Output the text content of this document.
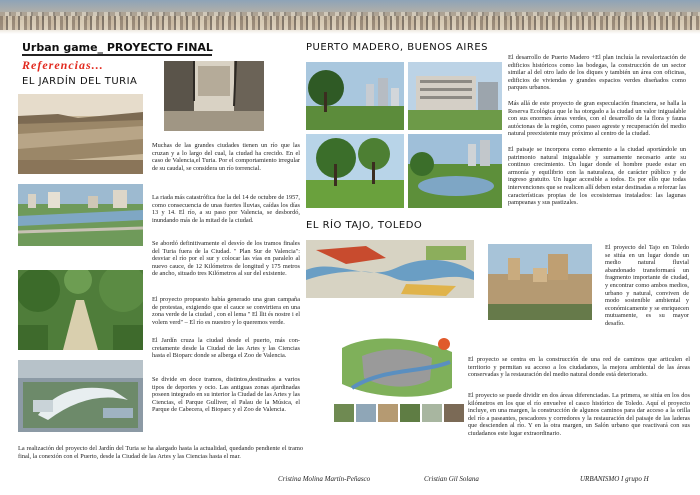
Urban game_ PROYECTO FINAL
Referencias...
EL JARDÍN DEL TURIA
Muchas de las grandes ciudades tienen un río que las cruzan y a lo largo del cual, la ciudad ha crecido. En el caso de Valencia,el Turia. Por el comportamiento irregular de su caudal, se considera un río torrencial.
La riada más catastrófica fue la del 14 de octubre de 1957, como consecuencia de unas fuertes lluvias, caídas los días 13 y 14. El río, a su paso por Valencia, se desbordó, inundando más de la mitad de la ciudad.
Se abordó definitivamente el desvío de los tramos finales del Turia fuera de la Ciudad. " Plan Sur de Valencia": desviar el río por el sur y colocar las vías en paralelo al nuevo cauce, de 12 Kilómetros de longitud y 175 metros de ancho, situado tres Kilómetros al sur del existente.
El proyecto propuesto había generado una gran campaña de protestas, exigiendo que el cauce se convirtiera en una zona verde de la ciudad , con el lema " El llit és nostre i el volem verd" – El río es nuestro y lo queremos verde.
El Jardín cruza la ciudad desde el puerto, más concretamente desde la Ciudad de las Artes y las Ciencias hasta el Bioparc donde se alberga el Zoo de Valencia.
Se divide en doce tramos, distintos,destinados a varios tipos de deportes y ocio. Las antiguas zonas ajardinadas poseen integrado en su interior la Ciudad de las Artes y las Ciencias, el Parque Gulliver, el Palau de la Música, el Parque de Cabecera, el Bioparc y el Zoo de Valencia.
La realización del proyecto del Jardín del Turia se ha alargado hasta la actualidad, quedando pendiente el tramo final, la conexión con el Puerto, desde la Ciudad de las Artes y las Ciencias hasta el mar.
PUERTO MADERO, BUENOS AIRES
El desarrollo de Puerto Madero +El plan incluía la revalorización de edificios históricos como las bodegas, la construcción de un sector similar al del otro lado de los diques y también un área con oficinas, edificios de viviendas y grandes espacios verdes diseñados como parques urbanos.
Más allá de este proyecto de gran especulación financiera, se halla la Reserva Ecológica que le ha otorgado a la ciudad un valor inigualable con sus enormes áreas verdes, con el desarrollo de la flora y fauna autóctonas de la región, como paseo agreste y recuperación del medio natural preexistente muy próximo al centro de la ciudad.
El paisaje se incorpora como elemento a la ciudad aportándole un patrimonio natural inigualable y sumamente necesario ante su continuo crecimiento. Un lugar donde el hombre puede estar en armonía y equilibrio con la naturaleza, de carácter público y de ingreso gratuito. Un lugar accesible a todos. Es por ello que todas intervenciones que se realicen allí deben estar destinadas a reforzar las características propias de los ecosistemas instalados: las lagunas pampeanas y sus pastizales.
EL RÍO TAJO, TOLEDO
El proyecto del Tajo en Toledo se sitúa en un lugar donde un medio natural fluvial abandonado transformará un fragmento importante de ciudad, y encontrar como ambos medios, urbano y natural, conviven de modo sostenible ambiental y económicamente y se enriquecen mutuamente, es su mayor desafío.
El proyecto se centra en la construcción de una red de caminos que articulen el territorio y permitan su acceso a los ciudadanos, la mejora ambiental de las áreas conservadas y la restauración del medio natural donde está deteriorado.
El proyecto se puede dividir en dos áreas diferenciadas. La primera, se sitúa en los dos kilómetros en los que el río envuelve el casco histórico de Toledo. Aquí el proyecto incluye, en una margen, la construcción de algunos caminos para dar acceso a la orilla del río a paseantes, pescadores y corredores y la restauración del paisaje de las laderas que descienden al río. Y en la otra margen, un Salón urbano que reactivará con sus ciudadanos este lugar extraordinario.
Cristina Molina Martín-Peñasco	Cristian Gil Solana	URBANISMO I grupo H
